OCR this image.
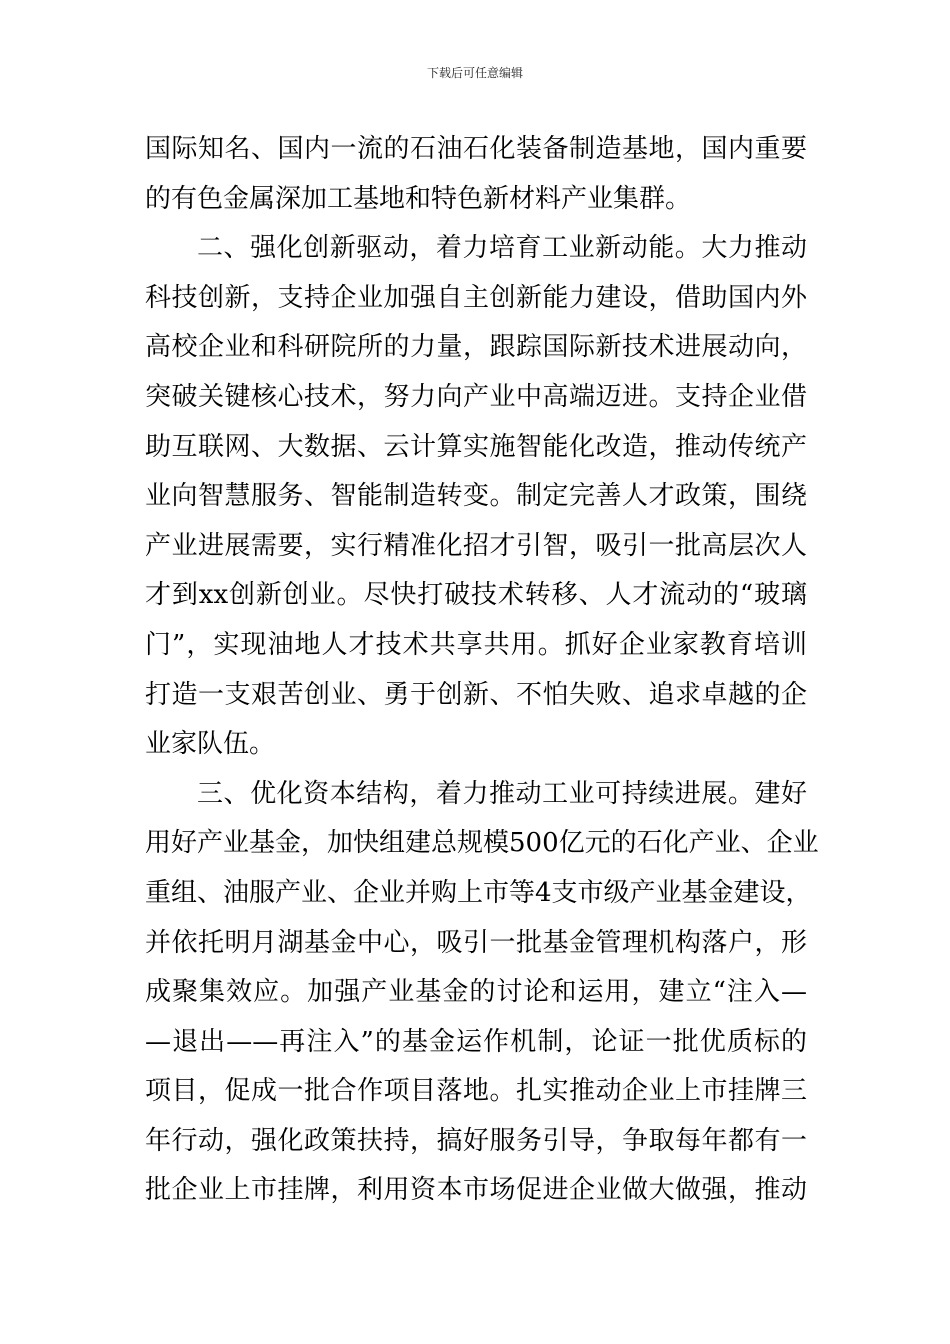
下载后可任意编辑
国际知名、国内一流的石油石化装备制造基地，国内重要
的有色金属深加工基地和特色新材料产业集群。
二、强化创新驱动，着力培育工业新动能。大力推动
科技创新，支持企业加强自主创新能力建设，借助国内外
高校企业和科研院所的力量，跟踪国际新技术进展动向，
突破关键核心技术，努力向产业中高端迈进。支持企业借
助互联网、大数据、云计算实施智能化改造，推动传统产
业向智慧服务、智能制造转变。制定完善人才政策，围绕
产业进展需要，实行精准化招才引智，吸引一批高层次人
才到xx创新创业。尽快打破技术转移、人才流动的“玻璃
门”，实现油地人才技术共享共用。抓好企业家教育培训
打造一支艰苦创业、勇于创新、不怕失败、追求卓越的企
业家队伍。
三、优化资本结构，着力推动工业可持续进展。建好
用好产业基金，加快组建总规模500亿元的石化产业、企业
重组、油服产业、企业并购上市等4支市级产业基金建设，
并依托明月湖基金中心，吸引一批基金管理机构落户，形
成聚集效应。加强产业基金的讨论和运用，建立“注入—
—退出——再注入”的基金运作机制，论证一批优质标的
项目，促成一批合作项目落地。扎实推动企业上市挂牌三
年行动，强化政策扶持，搞好服务引导，争取每年都有一
批企业上市挂牌，利用资本市场促进企业做大做强，推动
